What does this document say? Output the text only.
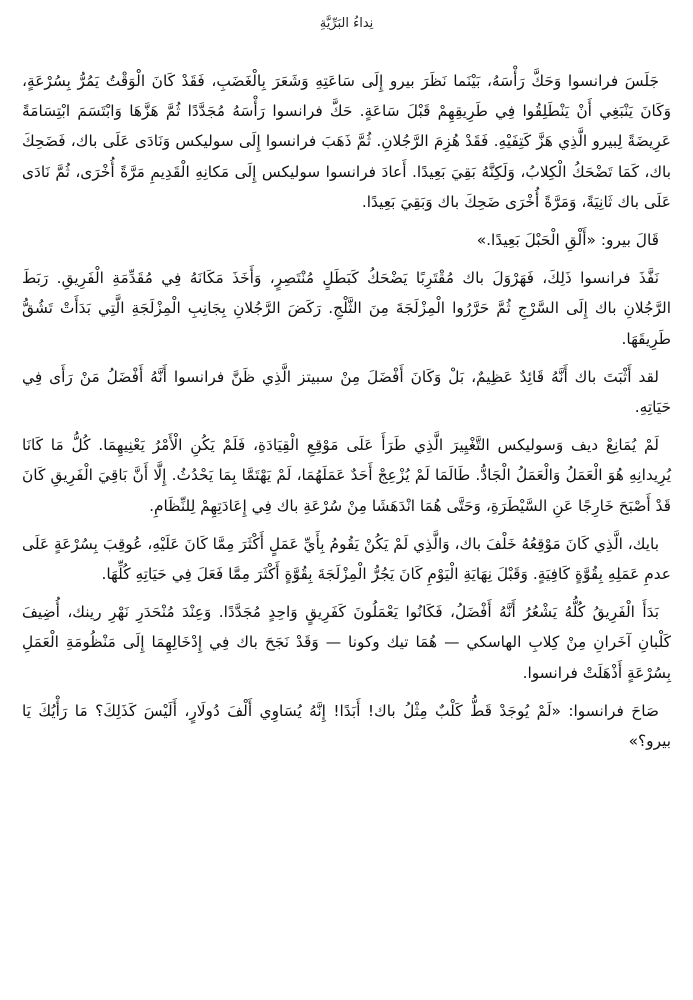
نِداءُ البَرِّيَّةِ

جَلَسَ فرانسوا وَحَكَّ رَأْسَهُ، بَيْنَما نَظَرَ بيرو إِلَى سَاعَتِهِ وَشَعَرَ بِالْغَضَبِ، فَقَدْ كَانَ الْوَقْتُ يَمُرُّ بِسُرْعَةٍ، وَكَانَ يَنْبَغِي أَنْ يَنْطَلِقُوا فِي طَرِيقِهِمْ قَبْلَ سَاعَةٍ. حَكَّ فرانسوا رَأْسَهُ مُجَدَّدًا ثُمَّ هَزَّهَا وَابْتَسَمَ ابْتِسَامَةً عَرِيضَةً لِبيرو الَّذِي هَزَّ كَتِفَيْهِ. فَقَدْ هُزِمَ الرَّجُلانِ. ثُمَّ ذَهَبَ فرانسوا إِلَى سوليكس وَنَادَى عَلَى باك، فَضَحِكَ باك، كَمَا تَضْحَكُ الْكِلابُ، وَلَكِنَّهُ بَقِيَ بَعِيدًا. أَعادَ فرانسوا سوليكس إِلَى مَكانِهِ الْقَدِيمِ مَرَّةً أُخْرَى، ثُمَّ نَادَى عَلَى باك ثَانِيَةً، وَمَرَّةً أُخْرَى ضَحِكَ باك وَبَقِيَ بَعِيدًا.

قَالَ بيرو: «أَلْقِ الْحَبْلَ بَعِيدًا.»

نَفَّذَ فرانسوا ذَلِكَ، فَهَرْوَلَ باك مُقْتَرِبًا يَضْحَكُ كَبَطَلٍ مُنْتَصِرٍ، وَأَخَذَ مَكَانَهُ فِي مُقَدِّمَةِ الْفَرِيقِ. رَبَطَ الرَّجُلانِ باك إِلَى السَّرْجِ ثُمَّ حَرَّرُوا الْمِزْلَجَةَ مِنَ الثَّلْجِ. رَكَضَ الرَّجُلانِ بِجَانِبِ الْمِزْلَجَةِ الَّتِي بَدَأَتْ تَشُقُّ طَرِيقَهَا.

لقد أَثْبَتَ باك أَنَّهُ قَائِدٌ عَظِيمٌ، بَلْ وَكَانَ أَفْضَلَ مِنْ سبيتز الَّذِي ظَنَّ فرانسوا أَنَّهُ أَفْضَلُ مَنْ رَأَى فِي حَيَاتِهِ.

لَمْ يُمَانِعْ ديف وَسوليكس التَّغْيِيرَ الَّذِي طَرَأَ عَلَى مَوْقِعِ الْقِيَادَةِ، فَلَمْ يَكُنِ الْأَمْرُ يَعْنِيهِمَا. كُلُّ مَا كَانَا يُرِيدانِهِ هُوَ الْعَمَلُ وَالْعَمَلُ الْجَادُّ. طَالَمَا لَمْ يُزْعِجْ أَحَدٌ عَمَلَهُمَا، لَمْ يَهْتَمَّا بِمَا يَحْدُثُ. إِلَّا أَنَّ بَاقِيَ الْفَرِيقِ كَانَ قَدْ أَصْبَحَ خَارِجًا عَنِ السَّيْطَرَةِ، وَحَتَّى هُمَا انْدَهَشَا مِنْ سُرْعَةِ باك فِي إِعَادَتِهِمْ لِلنِّظَامِ.

بايك، الَّذِي كَانَ مَوْقِعُهُ خَلْفَ باك، وَالَّذِي لَمْ يَكُنْ يَقُومُ بِأَيِّ عَمَلٍ أَكْثَرَ مِمَّا كَانَ عَلَيْهِ، عُوقِبَ بِسُرْعَةٍ عَلَى عدمِ عَمَلِهِ بِقُوَّةٍ كَافِيَةٍ. وَقَبْلَ نِهَايَةِ الْيَوْمِ كَانَ يَجُرُّ الْمِزْلَجَةَ بِقُوَّةٍ أَكْثَرَ مِمَّا فَعَلَ فِي حَيَاتِهِ كُلِّهَا.

بَدَأَ الْفَرِيقُ كُلُّهُ يَشْعُرُ أَنَّهُ أَفْضَلُ، فَكَانُوا يَعْمَلُونَ كَفَرِيقٍ وَاحِدٍ مُجَدَّدًا. وَعِنْدَ مُنْحَدَرِ نَهْرِ رينك، أُضِيفَ كَلْبانِ آخَرانِ مِنْ كِلابِ الهاسكي — هُمَا تيك وكونا — وَقَدْ نَجَحَ باك فِي إِدْخَالِهِمَا إِلَى مَنْظُومَةِ الْعَمَلِ بِسُرْعَةٍ أَذْهَلَتْ فرانسوا.

صَاحَ فرانسوا: «لَمْ يُوجَدْ قَطُّ كَلْبٌ مِثْلُ باك! أَبَدًا! إِنَّهُ يُسَاوِي أَلْفَ دُولَارٍ، أَلَيْسَ كَذَلِكَ؟ مَا رَأْيُكَ يَا بيرو؟»
